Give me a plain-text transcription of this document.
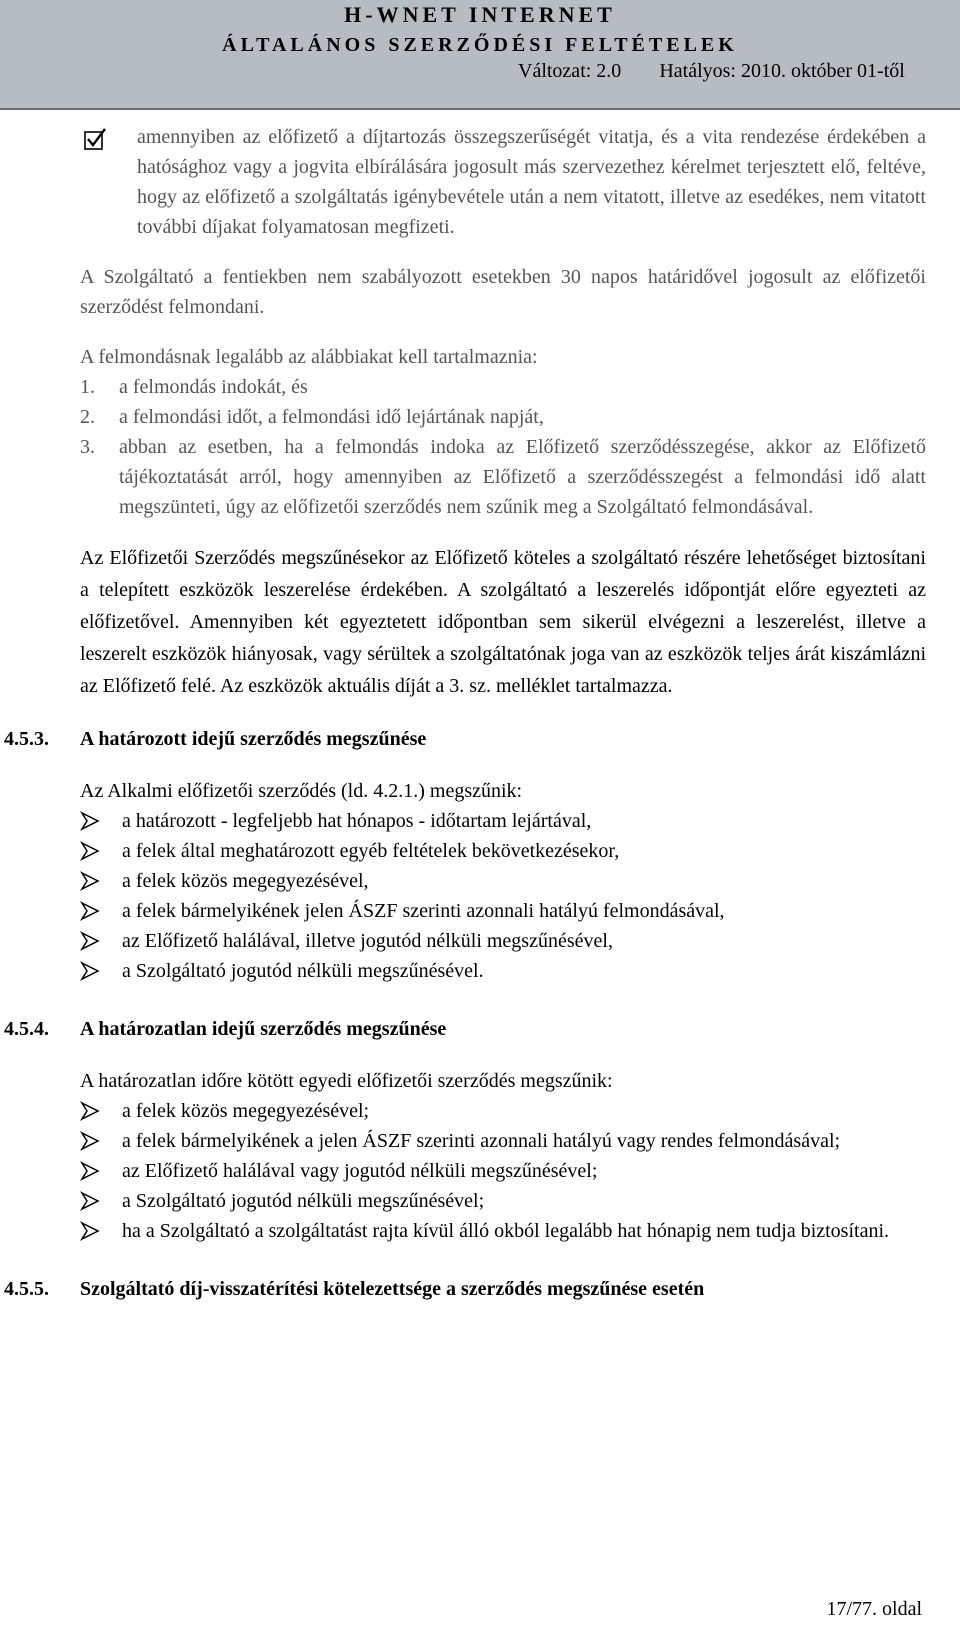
H-WNET INTERNET
ÁLTALÁNOS SZERZŐDÉSI FELTÉTELEK
Változat: 2.0 Hatályos: 2010. október 01-től

amennyiben az előfizető a díjtartozás összegszerűségét vitatja, és a vita rendezése érdekében a hatósághoz vagy a jogvita elbírálására jogosult más szervezethez kérelmet terjesztett elő, feltéve, hogy az előfizető a szolgáltatás igénybevétele után a nem vitatott, illetve az esedékes, nem vitatott további díjakat folyamatosan megfizeti.

A Szolgáltató a fentiekben nem szabályozott esetekben 30 napos határidővel jogosult az előfizetői szerződést felmondani.

A felmondásnak legalább az alábbiakat kell tartalmaznia:

1. a felmondás indokát, és

2. a felmondási időt, a felmondási idő lejártának napját,

3. abban az esetben, ha a felmondás indoka az Előfizető szerződésszegése, akkor az Előfizető tájékoztatását arról, hogy amennyiben az Előfizető a szerződésszegést a felmondási idő alatt megszünteti, úgy az előfizetői szerződés nem szűnik meg a Szolgáltató felmondásával.

Az Előfizetői Szerződés megszűnésekor az Előfizető köteles a szolgáltató részére lehetőséget biztosítani a telepített eszközök leszerelése érdekében. A szolgáltató a leszerelés időpontját előre egyezteti az előfizetővel. Amennyiben két egyeztetett időpontban sem sikerül elvégezni a leszerelést, illetve a leszerelt eszközök hiányosak, vagy sérültek a szolgáltatónak joga van az eszközök teljes árát kiszámlázni az Előfizető felé. Az eszközök aktuális díját a 3. sz. melléklet tartalmazza.

4.5.3. A határozott idejű szerződés megszűnése

Az Alkalmi előfizetői szerződés (ld. 4.2.1.) megszűnik:

a határozott - legfeljebb hat hónapos - időtartam lejártával,

a felek által meghatározott egyéb feltételek bekövetkezésekor,

a felek közös megegyezésével,

a felek bármelyikének jelen ÁSZF szerinti azonnali hatályú felmondásával,

az Előfizető halálával, illetve jogutód nélküli megszűnésével,

a Szolgáltató jogutód nélküli megszűnésével.

4.5.4. A határozatlan idejű szerződés megszűnése

A határozatlan időre kötött egyedi előfizetői szerződés megszűnik:

a felek közös megegyezésével;

a felek bármelyikének a jelen ÁSZF szerinti azonnali hatályú vagy rendes felmondásával;

az Előfizető halálával vagy jogutód nélküli megszűnésével;

a Szolgáltató jogutód nélküli megszűnésével;

ha a Szolgáltató a szolgáltatást rajta kívül álló okból legalább hat hónapig nem tudja biztosítani.

4.5.5. Szolgáltató díj-visszatérítési kötelezettsége a szerződés megszűnése esetén
17/77. oldal
